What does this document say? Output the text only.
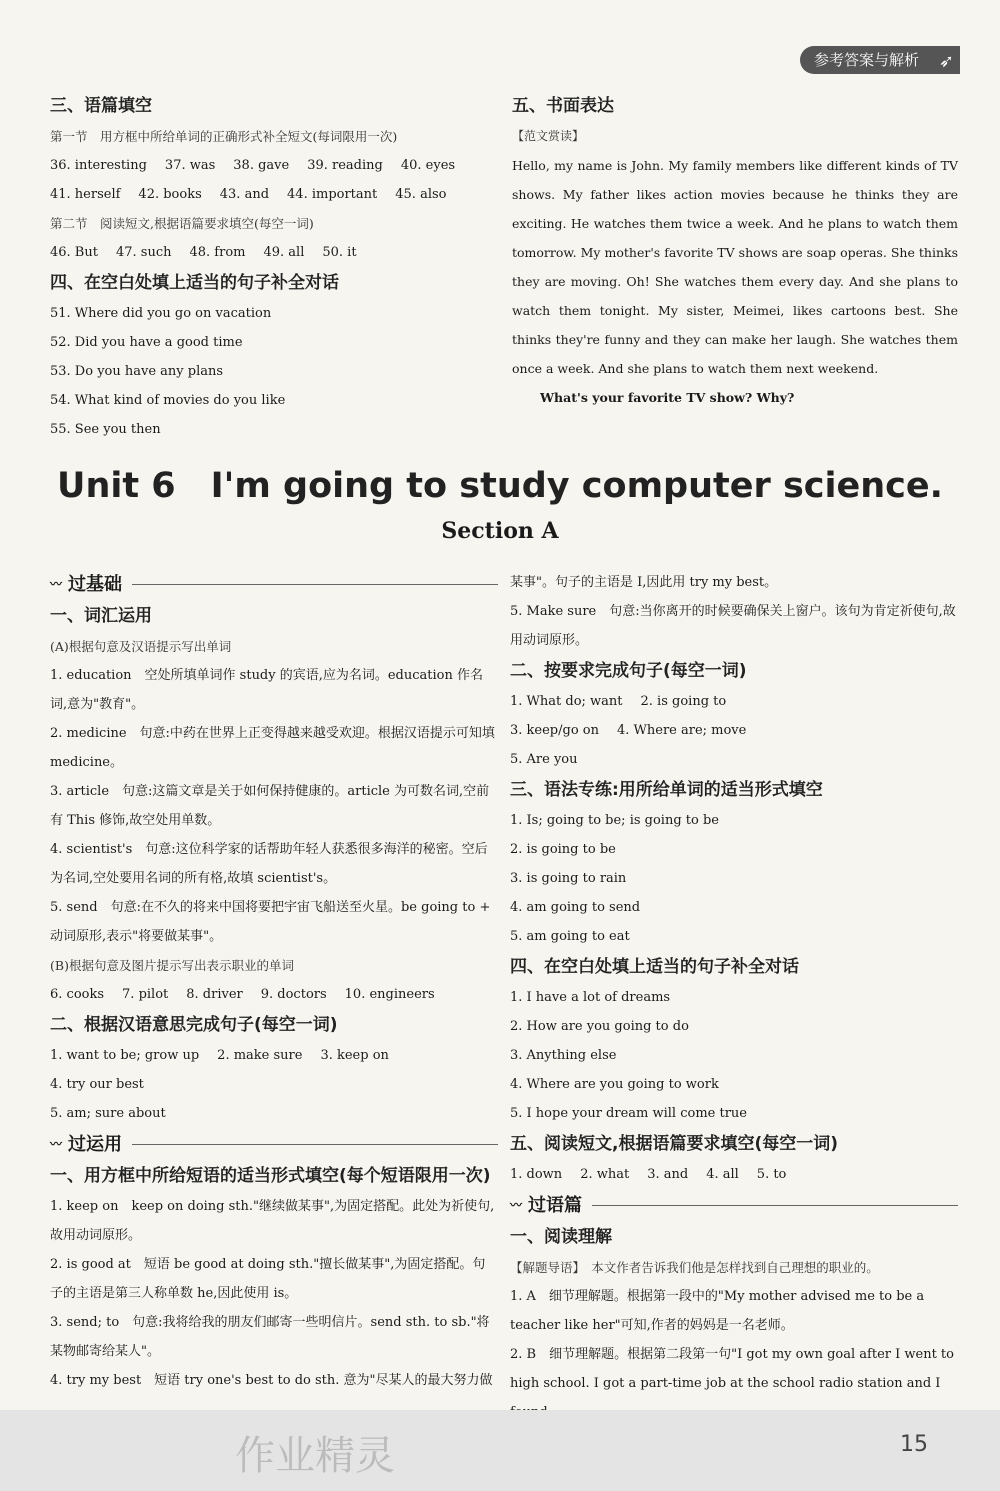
参考答案与解析 ➶
三、语篇填空
第一节　用方框中所给单词的正确形式补全短文(每词限用一次)
36. interesting 37. was 38. gave 39. reading 40. eyes
41. herself 42. books 43. and 44. important 45. also
第二节　阅读短文,根据语篇要求填空(每空一词)
46. But 47. such 48. from 49. all 50. it
四、在空白处填上适当的句子补全对话
51. Where did you go on vacation
52. Did you have a good time
53. Do you have any plans
54. What kind of movies do you like
55. See you then
五、书面表达
【范文赏读】
Hello, my name is John. My family members like different kinds of TV shows. My father likes action movies because he thinks they are exciting. He watches them twice a week. And he plans to watch them tomorrow. My mother's favorite TV shows are soap operas. She thinks they are moving. Oh! She watches them every day. And she plans to watch them tonight. My sister, Meimei, likes cartoons best. She thinks they're funny and they can make her laugh. She watches them once a week. And she plans to watch them next weekend.
What's your favorite TV show? Why?
Unit 6　I'm going to study computer science.
Section A
〰 过基础
一、词汇运用
(A)根据句意及汉语提示写出单词
1. education　空处所填单词作 study 的宾语,应为名词。education 作名词,意为"教育"。
2. medicine　句意:中药在世界上正变得越来越受欢迎。根据汉语提示可知填 medicine。
3. article　句意:这篇文章是关于如何保持健康的。article 为可数名词,空前有 This 修饰,故空处用单数。
4. scientist's　句意:这位科学家的话帮助年轻人获悉很多海洋的秘密。空后为名词,空处要用名词的所有格,故填 scientist's。
5. send　句意:在不久的将来中国将要把宇宙飞船送至火星。be going to + 动词原形,表示"将要做某事"。
(B)根据句意及图片提示写出表示职业的单词
6. cooks 7. pilot 8. driver 9. doctors 10. engineers
二、根据汉语意思完成句子(每空一词)
1. want to be; grow up 2. make sure 3. keep on
4. try our best
5. am; sure about
〰 过运用
一、用方框中所给短语的适当形式填空(每个短语限用一次)
1. keep on　keep on doing sth."继续做某事",为固定搭配。此处为祈使句,故用动词原形。
2. is good at　短语 be good at doing sth."擅长做某事",为固定搭配。句子的主语是第三人称单数 he,因此使用 is。
3. send; to　句意:我将给我的朋友们邮寄一些明信片。send sth. to sb."将某物邮寄给某人"。
4. try my best　短语 try one's best to do sth. 意为"尽某人的最大努力做
某事"。句子的主语是 I,因此用 try my best。
5. Make sure　句意:当你离开的时候要确保关上窗户。该句为肯定祈使句,故用动词原形。
二、按要求完成句子(每空一词)
1. What do; want 2. is going to
3. keep/go on 4. Where are; move
5. Are you
三、语法专练:用所给单词的适当形式填空
1. Is; going to be; is going to be
2. is going to be
3. is going to rain
4. am going to send
5. am going to eat
四、在空白处填上适当的句子补全对话
1. I have a lot of dreams
2. How are you going to do
3. Anything else
4. Where are you going to work
5. I hope your dream will come true
五、阅读短文,根据语篇要求填空(每空一词)
1. down 2. what 3. and 4. all 5. to
〰 过语篇
一、阅读理解
【解题导语】　本文作者告诉我们他是怎样找到自己理想的职业的。
1. A　细节理解题。根据第一段中的"My mother advised me to be a teacher like her"可知,作者的妈妈是一名老师。
2. B　细节理解题。根据第二段第一句"I got my own goal after I went to high school. I got a part-time job at the school radio station and I
作业精灵	15
